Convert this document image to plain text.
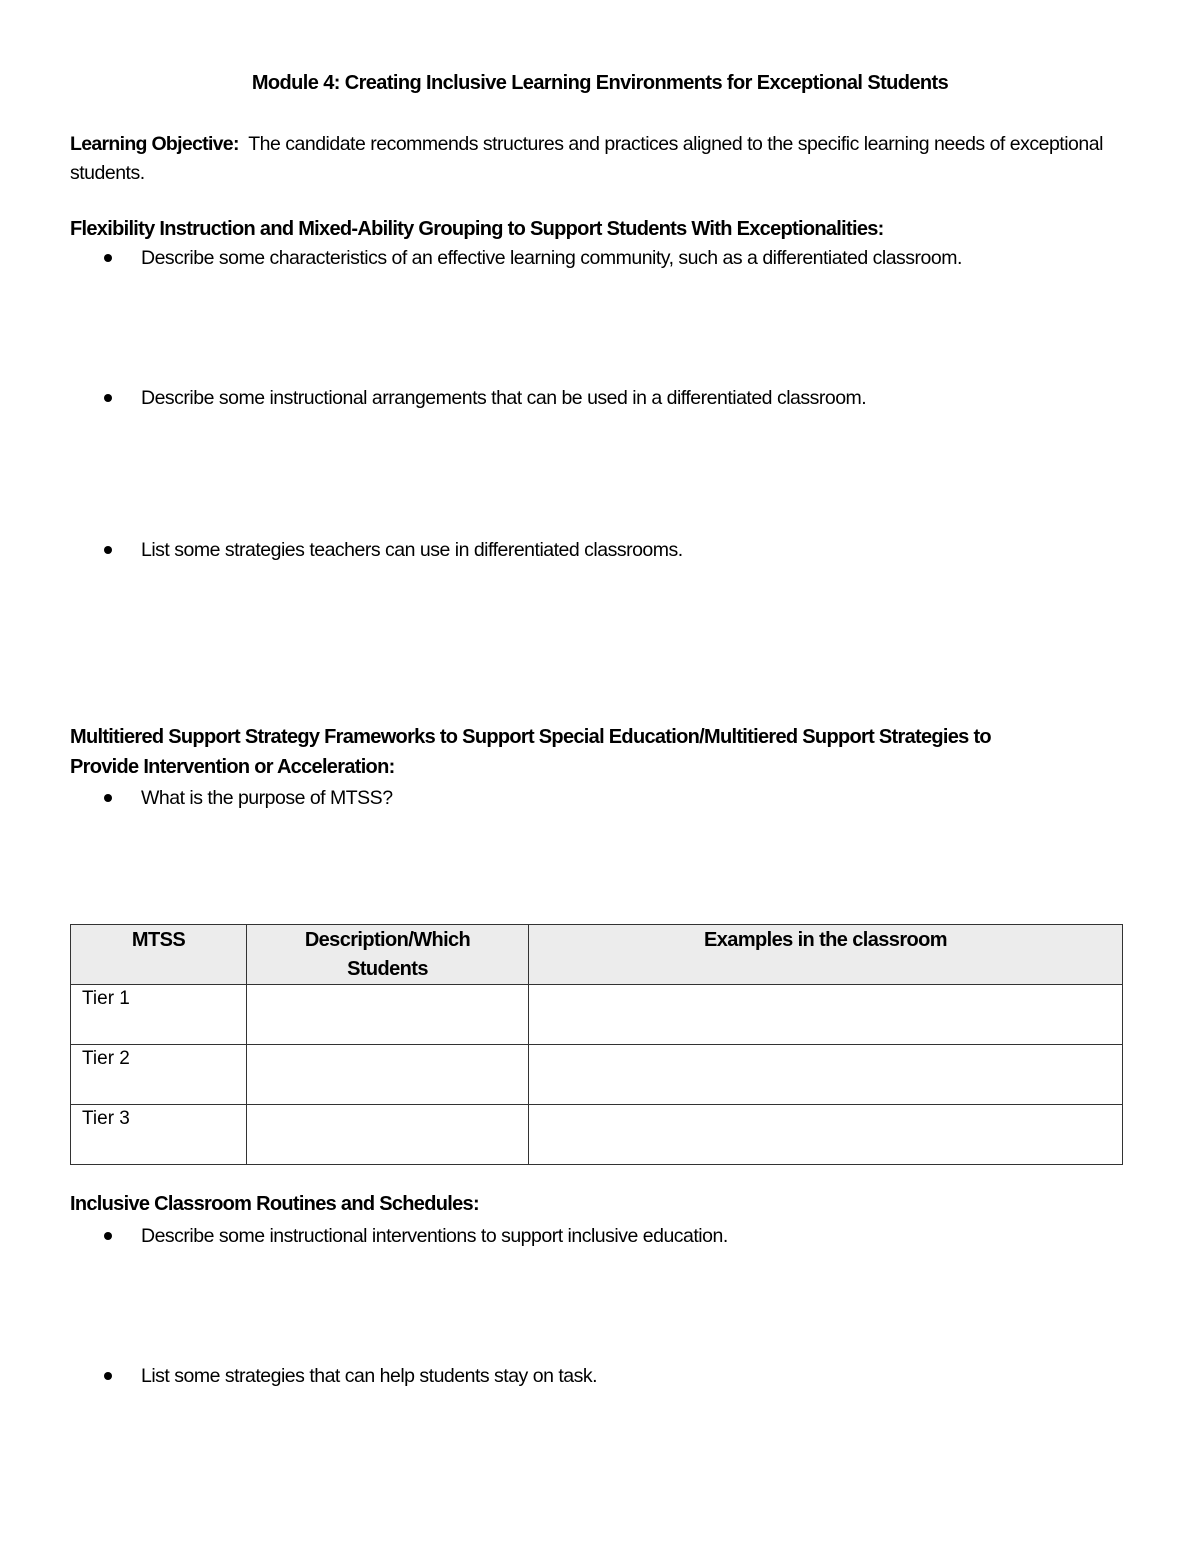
Module 4: Creating Inclusive Learning Environments for Exceptional Students
Learning Objective: The candidate recommends structures and practices aligned to the specific learning needs of exceptional students.
Flexibility Instruction and Mixed-Ability Grouping to Support Students With Exceptionalities:
Describe some characteristics of an effective learning community, such as a differentiated classroom.
Describe some instructional arrangements that can be used in a differentiated classroom.
List some strategies teachers can use in differentiated classrooms.
Multitiered Support Strategy Frameworks to Support Special Education/Multitiered Support Strategies to
Provide Intervention or Acceleration:
What is the purpose of MTSS?
MTSS	Description/Which Students	Examples in the classroom
Tier 1		
Tier 2		
Tier 3		
Inclusive Classroom Routines and Schedules:
Describe some instructional interventions to support inclusive education.
List some strategies that can help students stay on task.
